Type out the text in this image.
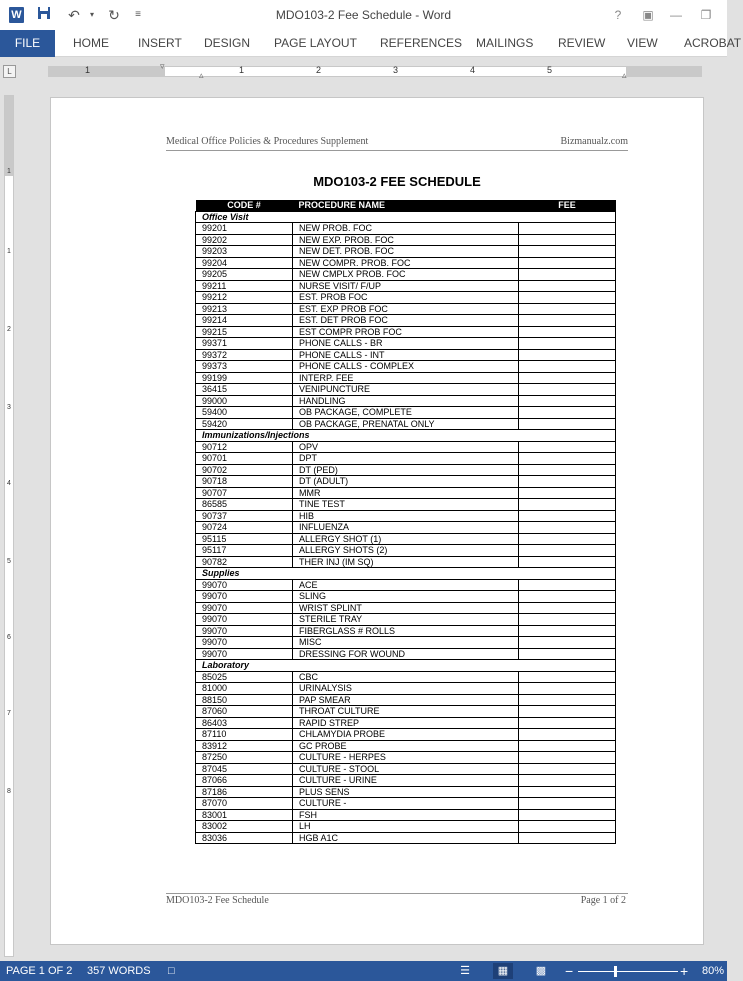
W	↶	▾	↻	≡	MDO103-2 Fee Schedule - Word	?	▣	—	❐
FILE	HOME INSERT DESIGN PAGE LAYOUT REFERENCES MAILINGS REVIEW VIEW ACROBAT
L	1	1	2	3	4	5
▿
▵	▵
1
1
2
3
4
5
6
7
8
Medical Office Policies & Procedures Supplement	Bizmanualz.com
MDO103-2 FEE SCHEDULE
CODE #	PROCEDURE NAME	FEE
Office Visit		
99201	NEW PROB. FOC	
99202	NEW EXP. PROB. FOC	
99203	NEW DET. PROB. FOC	
99204	NEW COMPR. PROB. FOC	
99205	NEW CMPLX PROB. FOC	
99211	NURSE VISIT/ F/UP	
99212	EST. PROB FOC	
99213	EST. EXP PROB FOC	
99214	EST. DET PROB FOC	
99215	EST COMPR PROB FOC	
99371	PHONE CALLS - BR	
99372	PHONE CALLS - INT	
99373	PHONE CALLS - COMPLEX	
99199	INTERP. FEE	
36415	VENIPUNCTURE	
99000	HANDLING	
59400	OB PACKAGE, COMPLETE	
59420	OB PACKAGE, PRENATAL ONLY	
Immunizations/Injections		
90712	OPV	
90701	DPT	
90702	DT (PED)	
90718	DT (ADULT)	
90707	MMR	
86585	TINE TEST	
90737	HIB	
90724	INFLUENZA	
95115	ALLERGY SHOT (1)	
95117	ALLERGY SHOTS (2)	
90782	THER INJ (IM SQ)	
Supplies		
99070	ACE	
99070	SLING	
99070	WRIST SPLINT	
99070	STERILE TRAY	
99070	FIBERGLASS # ROLLS	
99070	MISC	
99070	DRESSING FOR WOUND	
Laboratory		
85025	CBC	
81000	URINALYSIS	
88150	PAP SMEAR	
87060	THROAT CULTURE	
86403	RAPID STREP	
87110	CHLAMYDIA PROBE	
83912	GC PROBE	
87250	CULTURE - HERPES	
87045	CULTURE - STOOL	
87066	CULTURE - URINE	
87186	PLUS SENS	
87070	CULTURE -	
83001	FSH	
83002	LH	
83036	HGB A1C	
MDO103-2 Fee Schedule	Page 1 of 2
PAGE 1 OF 2 357 WORDS □	☰	▦	▩	−	+ 80%
